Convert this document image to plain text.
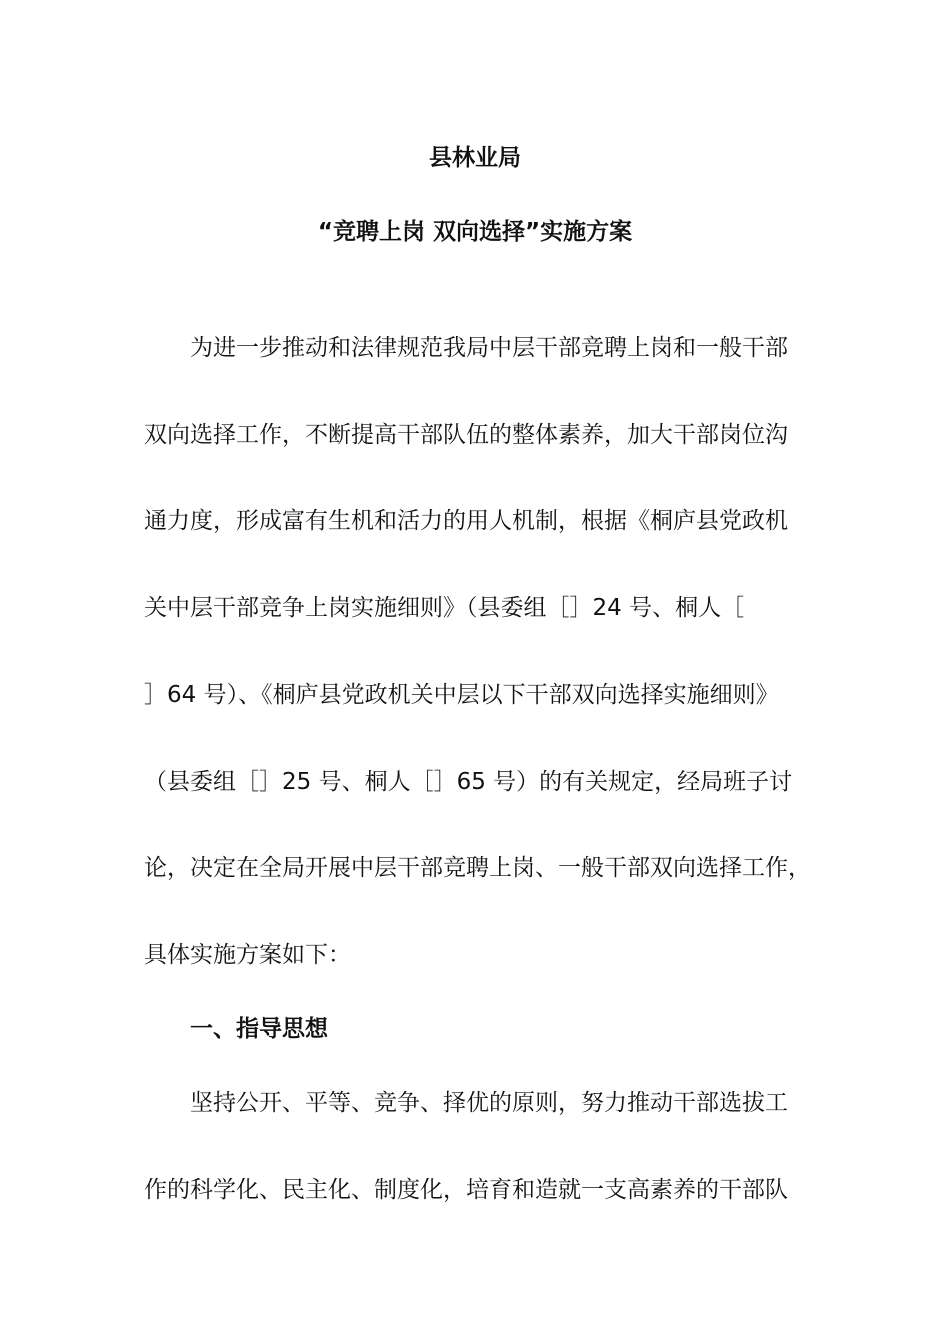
县林业局
“竞聘上岗 双向选择”实施方案
　　为进一步推动和法律规范我局中层干部竞聘上岗和一般干部
双向选择工作，不断提高干部队伍的整体素养，加大干部岗位沟
通力度，形成富有生机和活力的用人机制，根据《桐庐县党政机
关中层干部竞争上岗实施细则》（县委组［］24 号、桐人［
］64 号）、《桐庐县党政机关中层以下干部双向选择实施细则》
（县委组［］25 号、桐人［］65 号）的有关规定，经局班子讨
论，决定在全局开展中层干部竞聘上岗、一般干部双向选择工作，
具体实施方案如下：
　　一、指导思想
　　坚持公开、平等、竞争、择优的原则，努力推动干部选拔工
作的科学化、民主化、制度化，培育和造就一支高素养的干部队
